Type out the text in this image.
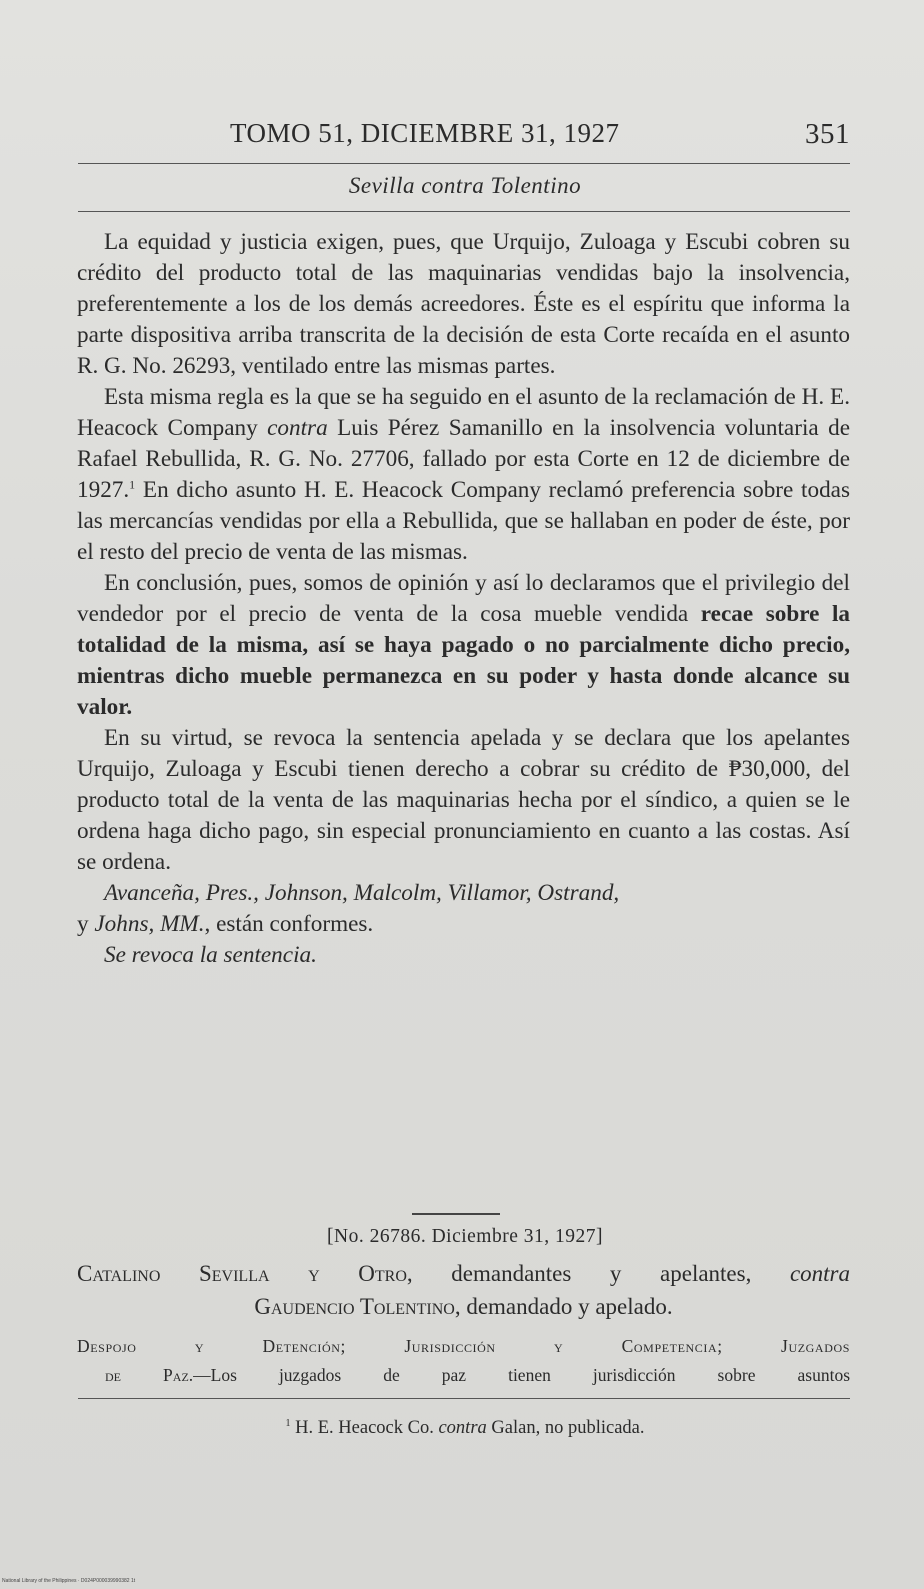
TOMO 51, DICIEMBRE 31, 1927	351
Sevilla contra Tolentino

La equidad y justicia exigen, pues, que Urquijo, Zuloaga y Escubi cobren su crédito del producto total de las maquinarias vendidas bajo la insolvencia, preferentemente a los de los demás acreedores. Éste es el espíritu que informa la parte dispositiva arriba transcrita de la decisión de esta Corte recaída en el asunto R. G. No. 26293, ventilado entre las mismas partes.

Esta misma regla es la que se ha seguido en el asunto de la reclamación de H. E. Heacock Company contra Luis Pérez Samanillo en la insolvencia voluntaria de Rafael Rebullida, R. G. No. 27706, fallado por esta Corte en 12 de diciembre de 1927.$^1$ En dicho asunto H. E. Heacock Company reclamó preferencia sobre todas las mercancías vendidas por ella a Rebullida, que se hallaban en poder de éste, por el resto del precio de venta de las mismas.

En conclusión, pues, somos de opinión y así lo declaramos que el privilegio del vendedor por el precio de venta de la cosa mueble vendida recae sobre la totalidad de la misma, así se haya pagado o no parcialmente dicho precio, mientras dicho mueble permanezca en su poder y hasta donde alcance su valor.

En su virtud, se revoca la sentencia apelada y se declara que los apelantes Urquijo, Zuloaga y Escubi tienen derecho a cobrar su crédito de ₱30,000, del producto total de la venta de las maquinarias hecha por el síndico, a quien se le ordena haga dicho pago, sin especial pronunciamiento en cuanto a las costas. Así se ordena.

Avanceña, Pres., Johnson, Malcolm, Villamor, Ostrand,
y Johns, MM., están conformes.

Se revoca la sentencia.

[No. 26786. Diciembre 31, 1927]
Catalino Sevilla y Otro, demandantes y apelantes, contra
Gaudencio Tolentino, demandado y apelado.
Despojo y Detención; Jurisdicción y Competencia; Juzgados
de Paz.—Los juzgados de paz tienen jurisdicción sobre asuntos
$^1$ H. E. Heacock Co. contra Galan, no publicada.
National Library of the Philippines · D024P000039990382 1t
